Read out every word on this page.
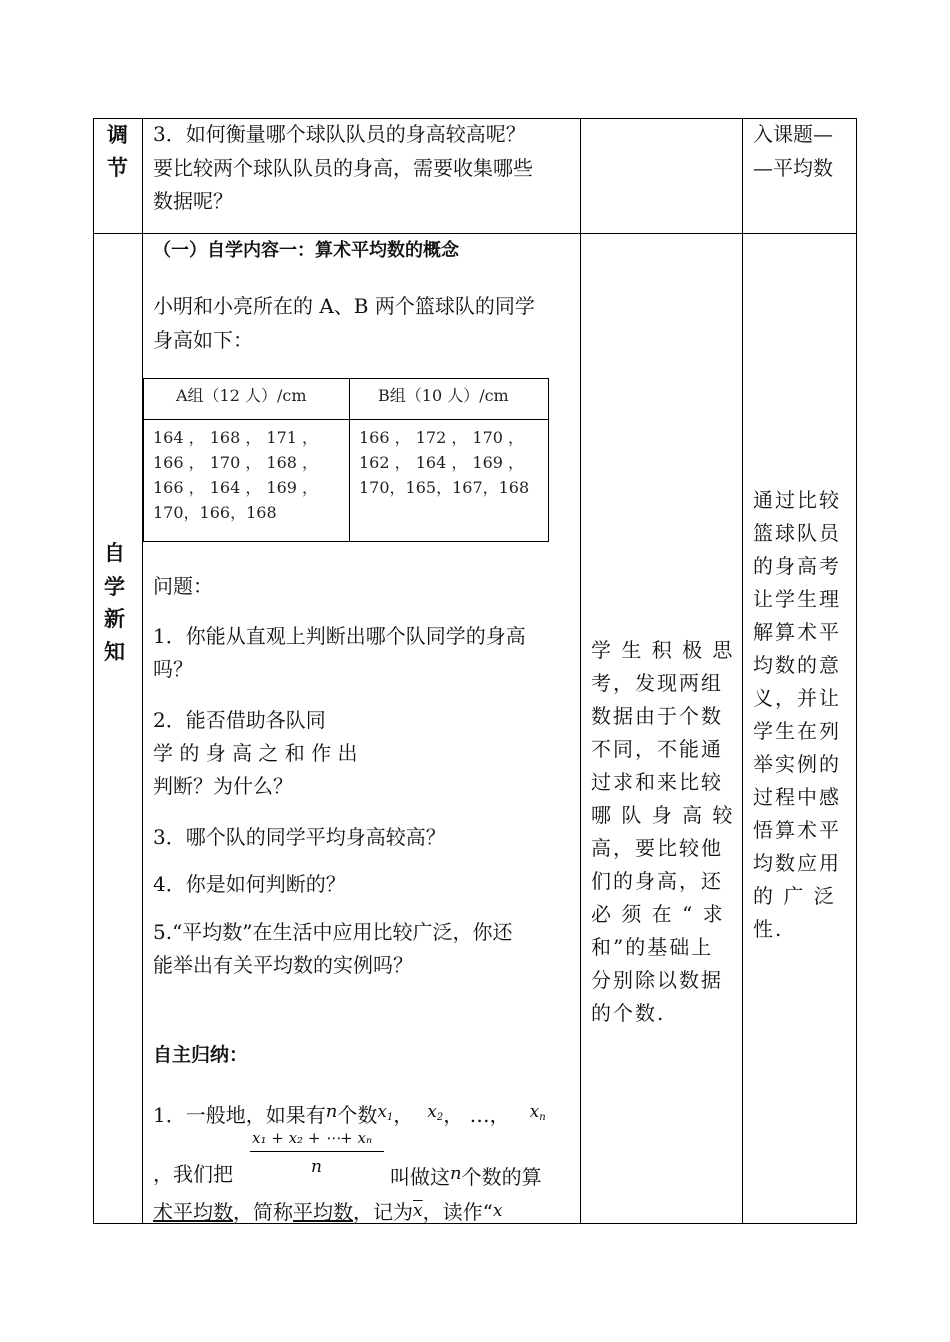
调
节
3．如何衡量哪个球队队员的身高较高呢？
要比较两个球队队员的身高，需要收集哪些
数据呢？
入课题—
—平均数
自
学
新
知
（一）自学内容一：算术平均数的概念
小明和小亮所在的 A、B 两个篮球队的同学
身高如下：
A组（12 人）/cm	B组（10 人）/cm
164 ， 168 ， 171 ，
166 ， 170 ， 168 ，
166 ， 164 ， 169 ，
170，166，168
166 ， 172 ， 170 ，
162 ， 164 ， 169 ，
170，165，167，168
问题：
1．你能从直观上判断出哪个队同学的身高
吗？
2．能否借助各队同
学 的 身 高 之 和 作 出
判断？为什么？
3．哪个队的同学平均身高较高？
4．你是如何判断的？
5.“平均数”在生活中应用比较广泛，你还
能举出有关平均数的实例吗？
自主归纳：
1．一般地，如果有n个数$^{x_1}$， $^{x_2}$， …， $^{x_n}$
x₁ + x₂ + ⋯+ xₙ
n
，我们把	叫做这n个数的算
术平均数，简称平均数，记为$\overline{x}$，读作“x
学 生 积 极 思
考，发现两组
数据由于个数
不同，不能通
过求和来比较
哪 队 身 高 较
高，要比较他
们的身高，还
必 须 在 “ 求
和”的基础上
分别除以数据
的个数.
通过比较
篮球队员
的身高考
让学生理
解算术平
均数的意
义，并让
学生在列
举实例的
过程中感
悟算术平
均数应用
的 广 泛
性.
